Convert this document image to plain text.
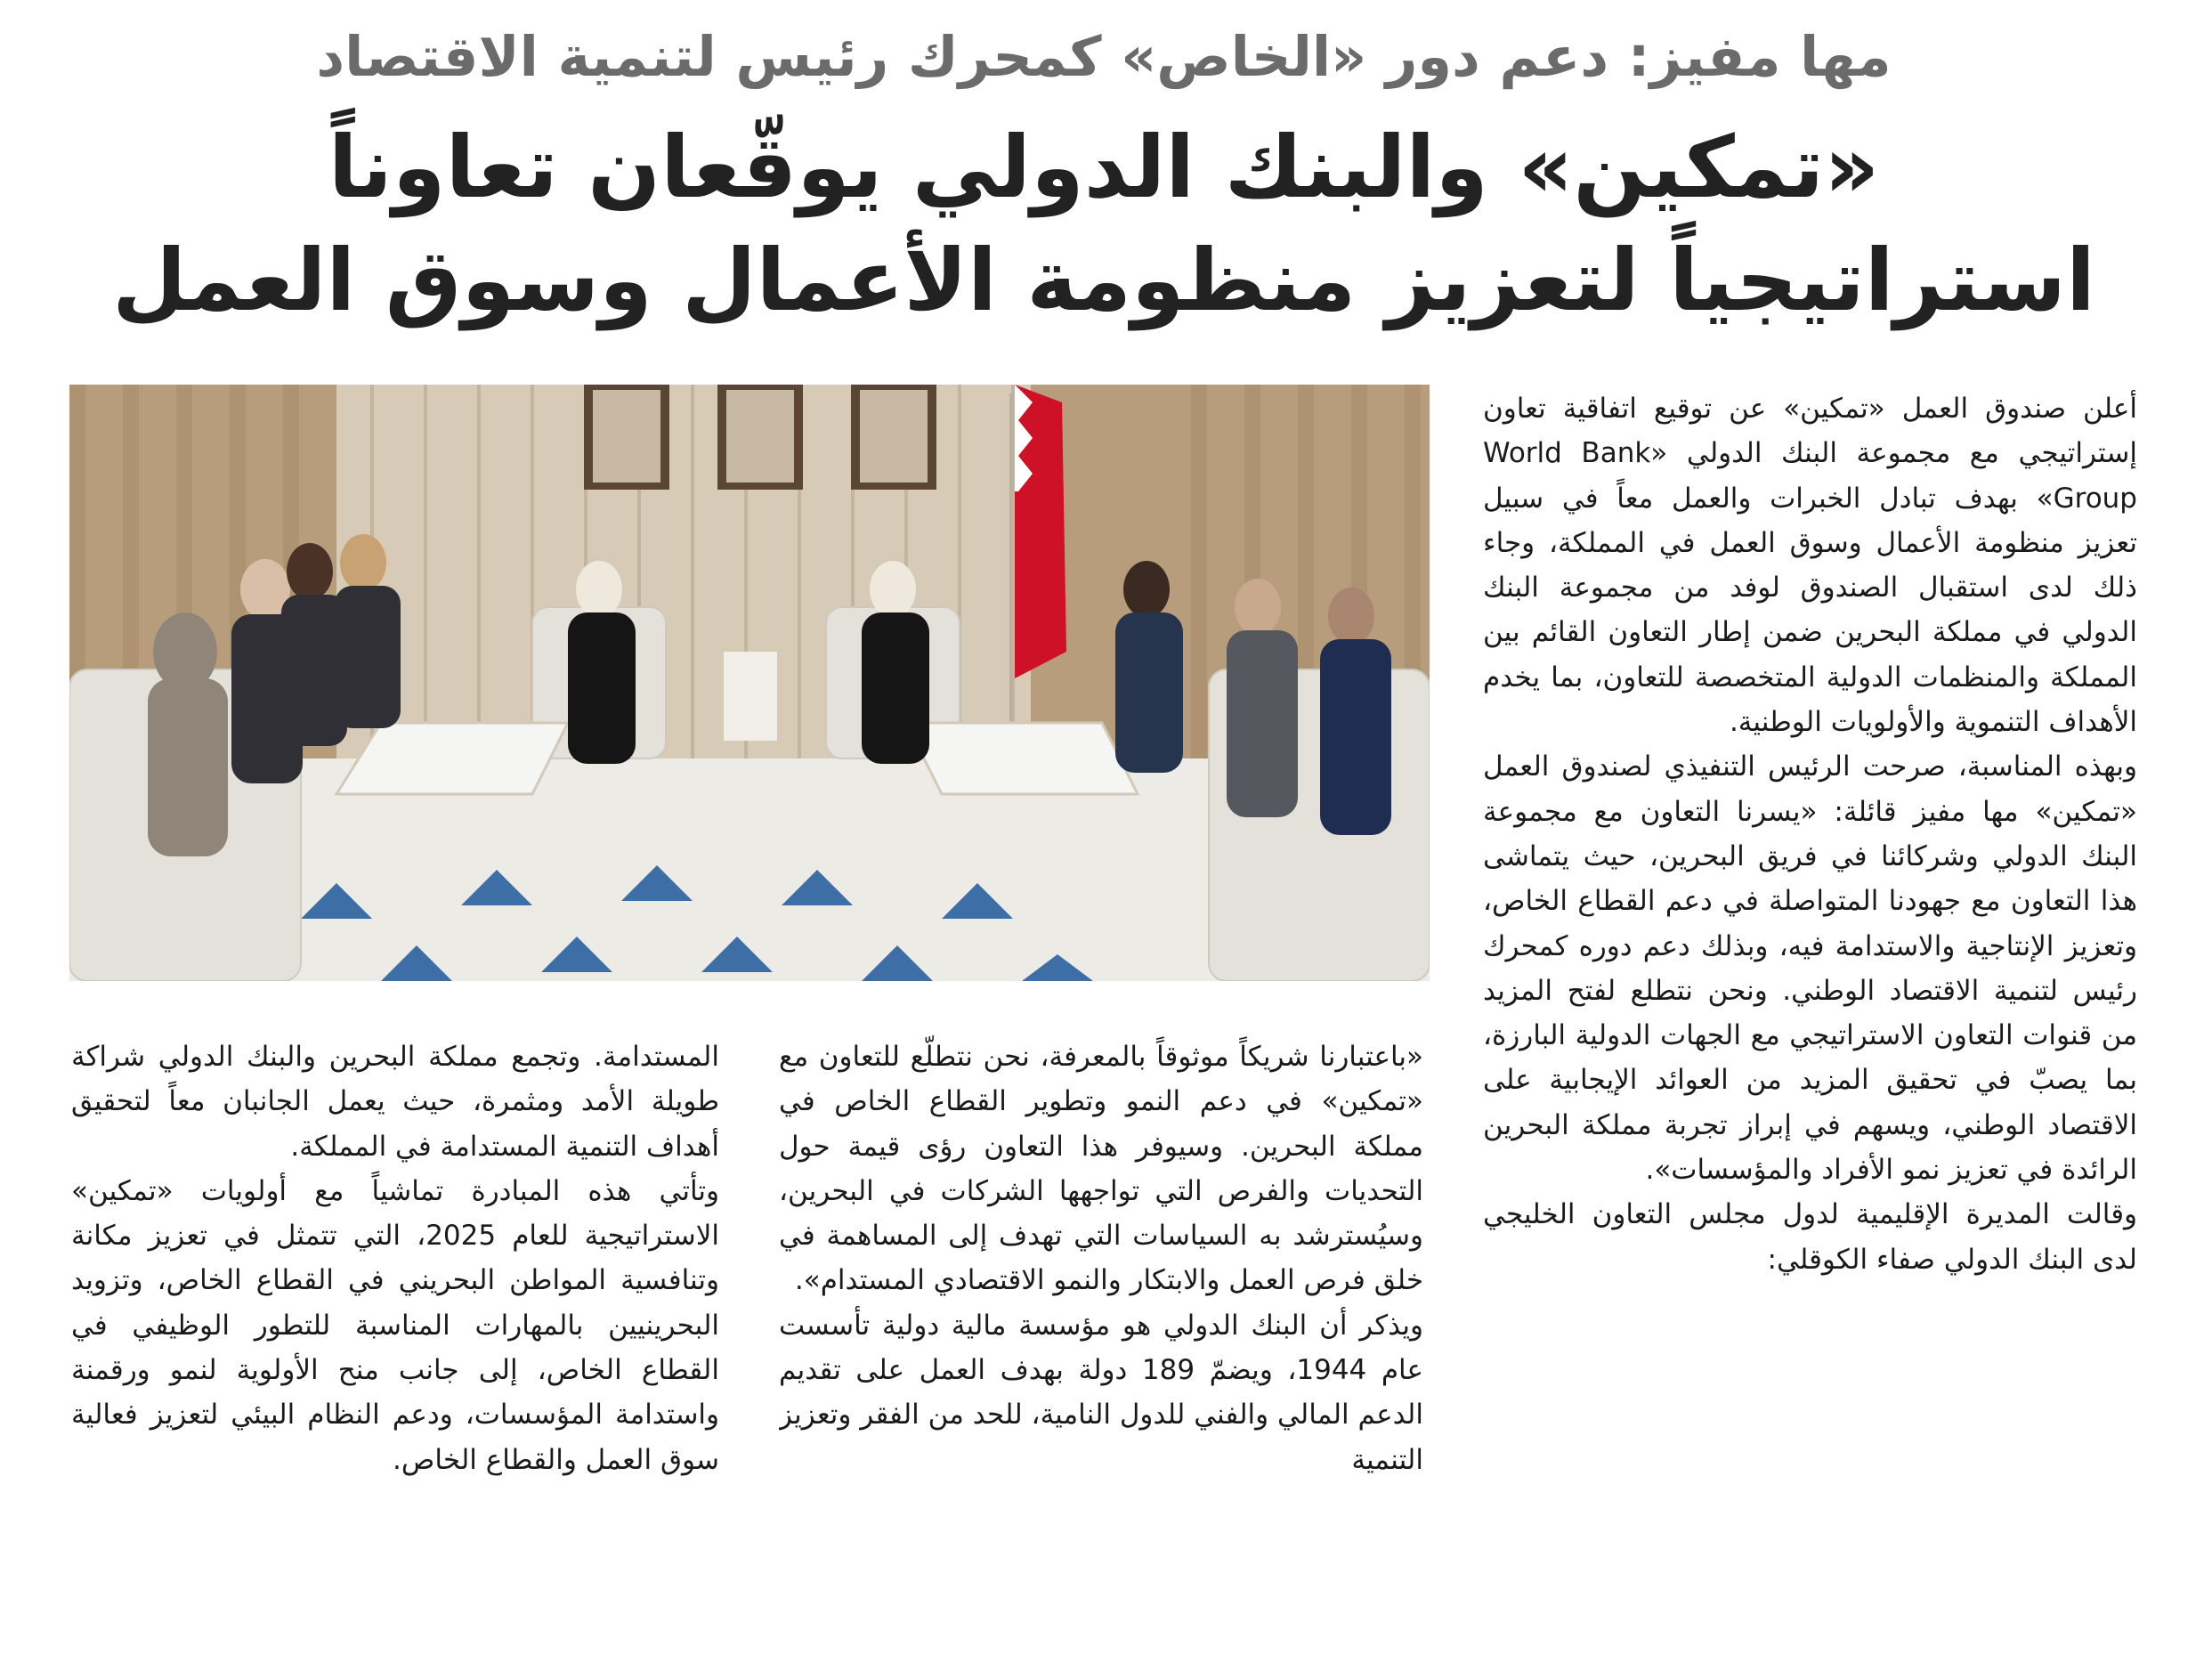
مها مفيز: دعم دور «الخاص» كمحرك رئيس لتنمية الاقتصاد
«تمكين» والبنك الدولي يوقّعان تعاوناً
استراتيجياً لتعزيز منظومة الأعمال وسوق العمل

أعلن صندوق العمل «تمكين» عن توقيع اتفاقية تعاون إستراتيجي مع مجموعة البنك الدولي «World Bank Group» بهدف تبادل الخبرات والعمل معاً في سبيل تعزيز منظومة الأعمال وسوق العمل في المملكة، وجاء ذلك لدى استقبال الصندوق لوفد من مجموعة البنك الدولي في مملكة البحرين ضمن إطار التعاون القائم بين المملكة والمنظمات الدولية المتخصصة للتعاون، بما يخدم الأهداف التنموية والأولويات الوطنية.

وبهذه المناسبة، صرحت الرئيس التنفيذي لصندوق العمل «تمكين» مها مفيز قائلة: «يسرنا التعاون مع مجموعة البنك الدولي وشركائنا في فريق البحرين، حيث يتماشى هذا التعاون مع جهودنا المتواصلة في دعم القطاع الخاص، وتعزيز الإنتاجية والاستدامة فيه، وبذلك دعم دوره كمحرك رئيس لتنمية الاقتصاد الوطني. ونحن نتطلع لفتح المزيد من قنوات التعاون الاستراتيجي مع الجهات الدولية البارزة، بما يصبّ في تحقيق المزيد من العوائد الإيجابية على الاقتصاد الوطني، ويسهم في إبراز تجربة مملكة البحرين الرائدة في تعزيز نمو الأفراد والمؤسسات».

وقالت المديرة الإقليمية لدول مجلس التعاون الخليجي لدى البنك الدولي صفاء الكوقلي:

«باعتبارنا شريكاً موثوقاً بالمعرفة، نحن نتطلّع للتعاون مع «تمكين» في دعم النمو وتطوير القطاع الخاص في مملكة البحرين. وسيوفر هذا التعاون رؤى قيمة حول التحديات والفرص التي تواجهها الشركات في البحرين، وسيُسترشد به السياسات التي تهدف إلى المساهمة في خلق فرص العمل والابتكار والنمو الاقتصادي المستدام».

ويذكر أن البنك الدولي هو مؤسسة مالية دولية تأسست عام 1944، ويضمّ 189 دولة بهدف العمل على تقديم الدعم المالي والفني للدول النامية، للحد من الفقر وتعزيز التنمية

المستدامة. وتجمع مملكة البحرين والبنك الدولي شراكة طويلة الأمد ومثمرة، حيث يعمل الجانبان معاً لتحقيق أهداف التنمية المستدامة في المملكة.

وتأتي هذه المبادرة تماشياً مع أولويات «تمكين» الاستراتيجية للعام 2025، التي تتمثل في تعزيز مكانة وتنافسية المواطن البحريني في القطاع الخاص، وتزويد البحرينيين بالمهارات المناسبة للتطور الوظيفي في القطاع الخاص، إلى جانب منح الأولوية لنمو ورقمنة واستدامة المؤسسات، ودعم النظام البيئي لتعزيز فعالية سوق العمل والقطاع الخاص.
